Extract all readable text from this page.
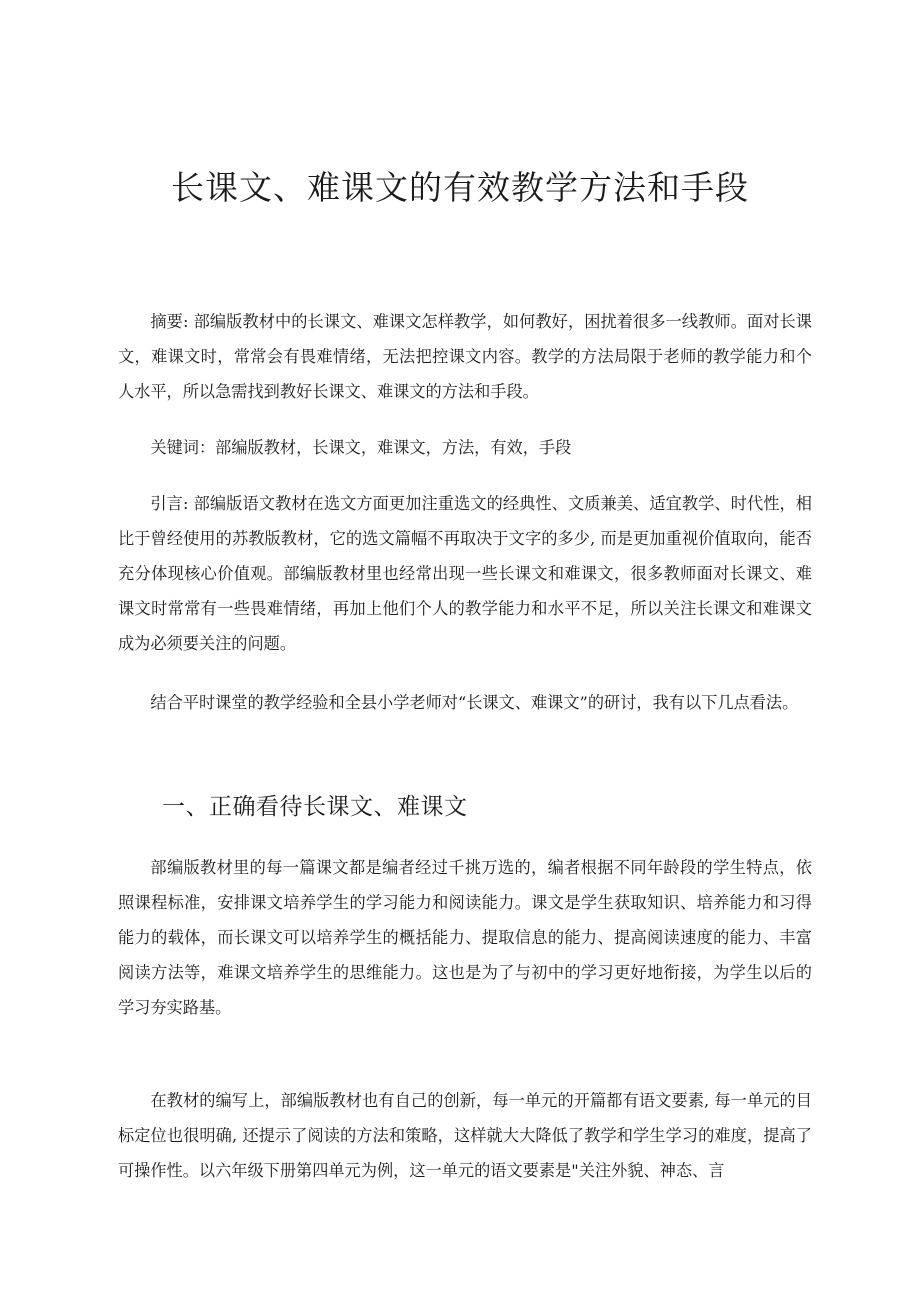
长课文、难课文的有效教学方法和手段

摘要: 部编版教材中的长课文、难课文怎样教学，如何教好，困扰着很多一线教师。面对长课文，难课文时，常常会有畏难情绪，无法把控课文内容。教学的方法局限于老师的教学能力和个人水平，所以急需找到教好长课文、难课文的方法和手段。

关键词：部编版教材，长课文，难课文，方法，有效，手段

引言: 部编版语文教材在选文方面更加注重选文的经典性、文质兼美、适宜教学、时代性，相比于曾经使用的苏教版教材，它的选文篇幅不再取决于文字的多少, 而是更加重视价值取向，能否充分体现核心价值观。部编版教材里也经常出现一些长课文和难课文，很多教师面对长课文、难课文时常常有一些畏难情绪，再加上他们个人的教学能力和水平不足，所以关注长课文和难课文成为必须要关注的问题。

结合平时课堂的教学经验和全县小学老师对“长课文、难课文”的研讨，我有以下几点看法。

一、正确看待长课文、难课文

部编版教材里的每一篇课文都是编者经过千挑万选的，编者根据不同年龄段的学生特点，依照课程标准，安排课文培养学生的学习能力和阅读能力。课文是学生获取知识、培养能力和习得能力的载体，而长课文可以培养学生的概括能力、提取信息的能力、提高阅读速度的能力、丰富阅读方法等，难课文培养学生的思维能力。这也是为了与初中的学习更好地衔接，为学生以后的学习夯实路基。

在教材的编写上，部编版教材也有自己的创新，每一单元的开篇都有语文要素, 每一单元的目标定位也很明确, 还提示了阅读的方法和策略，这样就大大降低了教学和学生学习的难度，提高了可操作性。以六年级下册第四单元为例，这一单元的语文要素是"关注外貌、神态、言
